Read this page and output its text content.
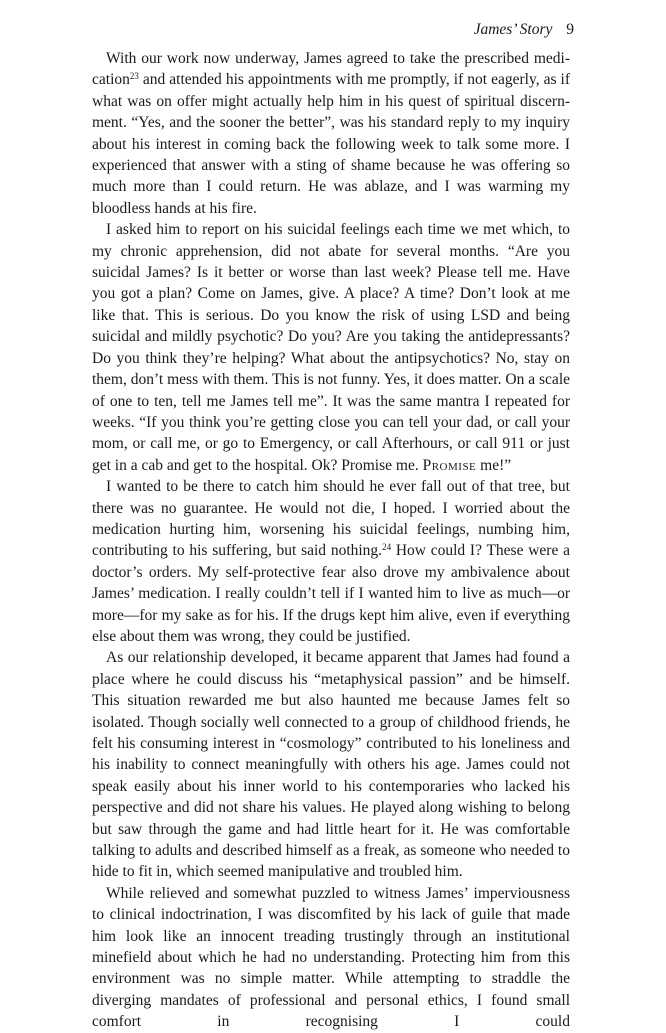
James’ Story 9

With our work now underway, James agreed to take the prescribed medication$^{23}$ and attended his appointments with me promptly, if not eagerly, as if what was on offer might actually help him in his quest of spiritual discernment. “Yes, and the sooner the better”, was his standard reply to my inquiry about his interest in coming back the following week to talk some more. I experienced that answer with a sting of shame because he was offering so much more than I could return. He was ablaze, and I was warming my bloodless hands at his fire.

I asked him to report on his suicidal feelings each time we met which, to my chronic apprehension, did not abate for several months. “Are you suicidal James? Is it better or worse than last week? Please tell me. Have you got a plan? Come on James, give. A place? A time? Don’t look at me like that. This is serious. Do you know the risk of using LSD and being suicidal and mildly psychotic? Do you? Are you taking the antidepressants? Do you think they’re helping? What about the antipsychotics? No, stay on them, don’t mess with them. This is not funny. Yes, it does matter. On a scale of one to ten, tell me James tell me”. It was the same mantra I repeated for weeks. “If you think you’re getting close you can tell your dad, or call your mom, or call me, or go to Emergency, or call Afterhours, or call 911 or just get in a cab and get to the hospital. Ok? Promise me. Promise me!”

I wanted to be there to catch him should he ever fall out of that tree, but there was no guarantee. He would not die, I hoped. I worried about the medication hurting him, worsening his suicidal feelings, numbing him, contributing to his suffering, but said nothing.$^{24}$ How could I? These were a doctor’s orders. My self-protective fear also drove my ambivalence about James’ medication. I really couldn’t tell if I wanted him to live as much—or more—for my sake as for his. If the drugs kept him alive, even if everything else about them was wrong, they could be justified.

As our relationship developed, it became apparent that James had found a place where he could discuss his “metaphysical passion” and be himself. This situation rewarded me but also haunted me because James felt so isolated. Though socially well connected to a group of childhood friends, he felt his consuming interest in “cosmology” contributed to his loneliness and his inability to connect meaningfully with others his age. James could not speak easily about his inner world to his contemporaries who lacked his perspective and did not share his values. He played along wishing to belong but saw through the game and had little heart for it. He was comfortable talking to adults and described himself as a freak, as someone who needed to hide to fit in, which seemed manipulative and troubled him.

While relieved and somewhat puzzled to witness James’ imperviousness to clinical indoctrination, I was discomfited by his lack of guile that made him look like an innocent treading trustingly through an institutional minefield about which he had no understanding. Protecting him from this environment was no simple matter. While attempting to straddle the diverging mandates of professional and personal ethics, I found small comfort in recognising I could
